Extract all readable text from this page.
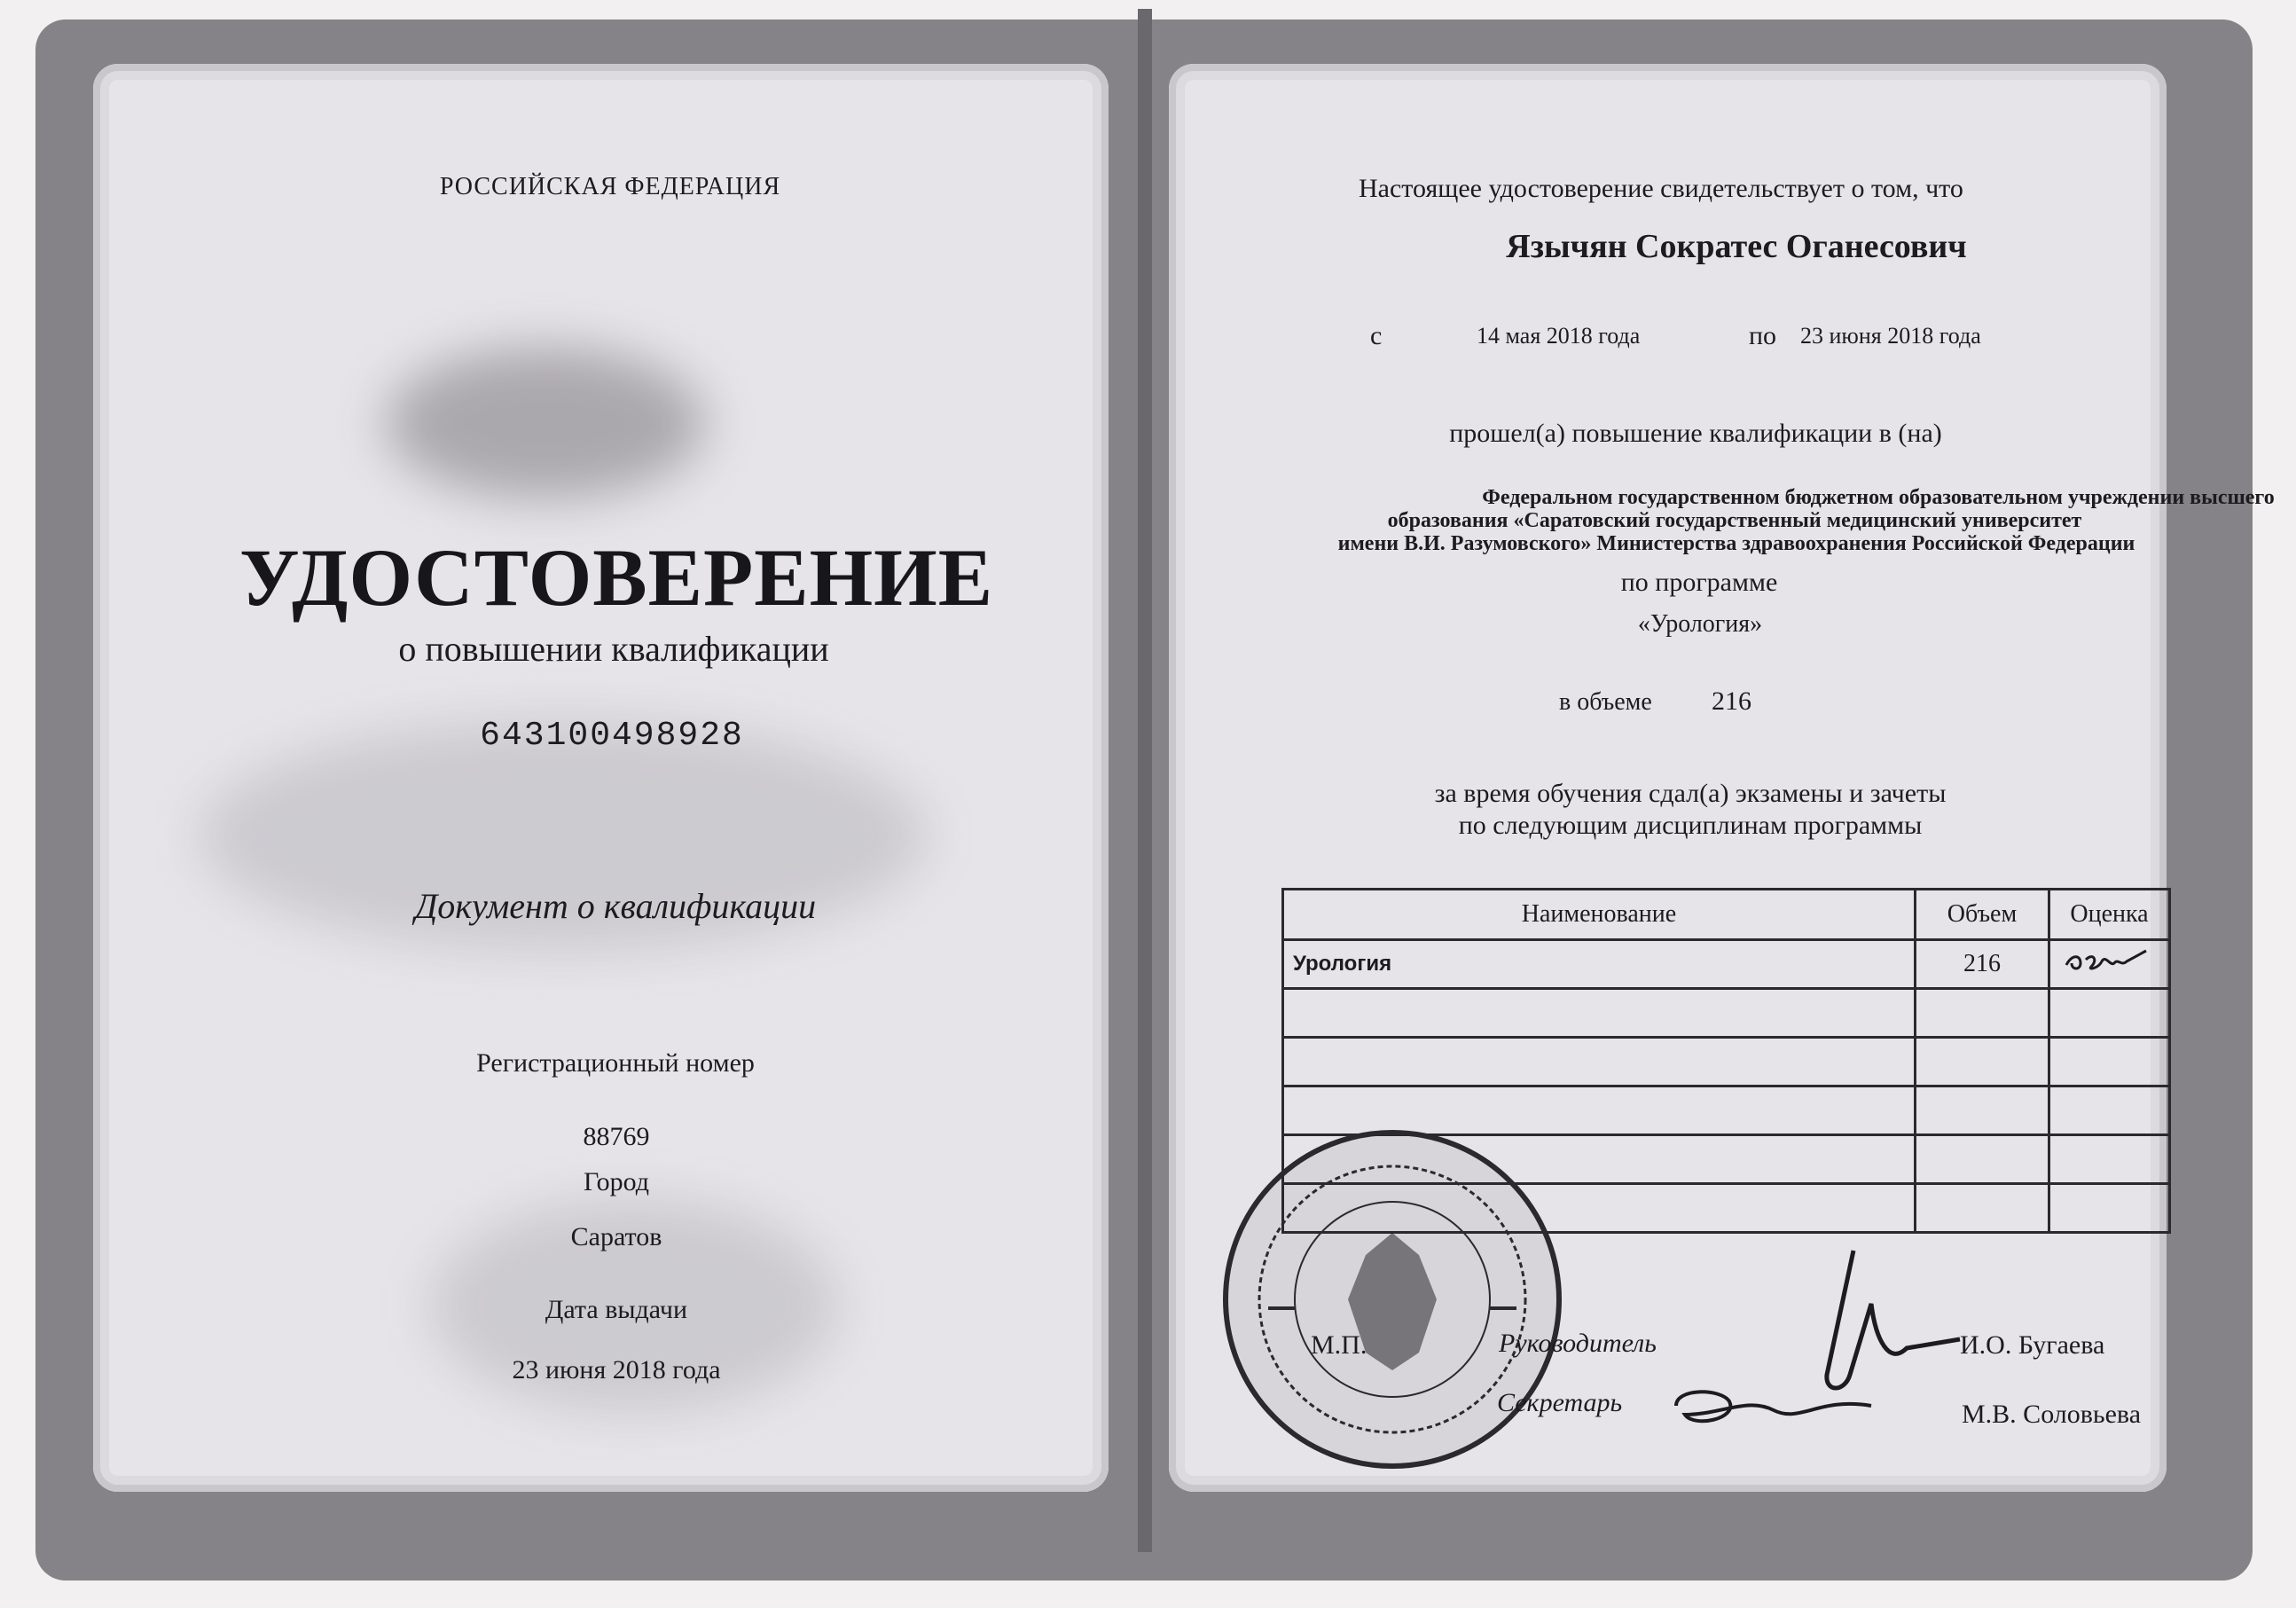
РОССИЙСКАЯ ФЕДЕРАЦИЯ
УДОСТОВЕРЕНИЕ
о повышении квалификации
643100498928
Документ о квалификации
Регистрационный номер
88769
Город
Саратов
Дата выдачи
23 июня 2018 года
Настоящее удостоверение свидетельствует о том, что
Язычян Сократес Оганесович
с	14 мая 2018 года	по 23 июня 2018 года
прошел(а) повышение квалификации в (на)
Федеральном государственном бюджетном образовательном учреждении высшего
образования «Саратовский государственный медицинский университет
имени В.И. Разумовского» Министерства здравоохранения Российской Федерации
по программе
«Урология»
в объеме 216
за время обучения сдал(а) экзамены и зачеты
по следующим дисциплинам программы
Наименование	Объем	Оценка
Урология	216	

М.П.	Руководитель	И.О. Бугаева
Секретарь	М.В. Соловьева
